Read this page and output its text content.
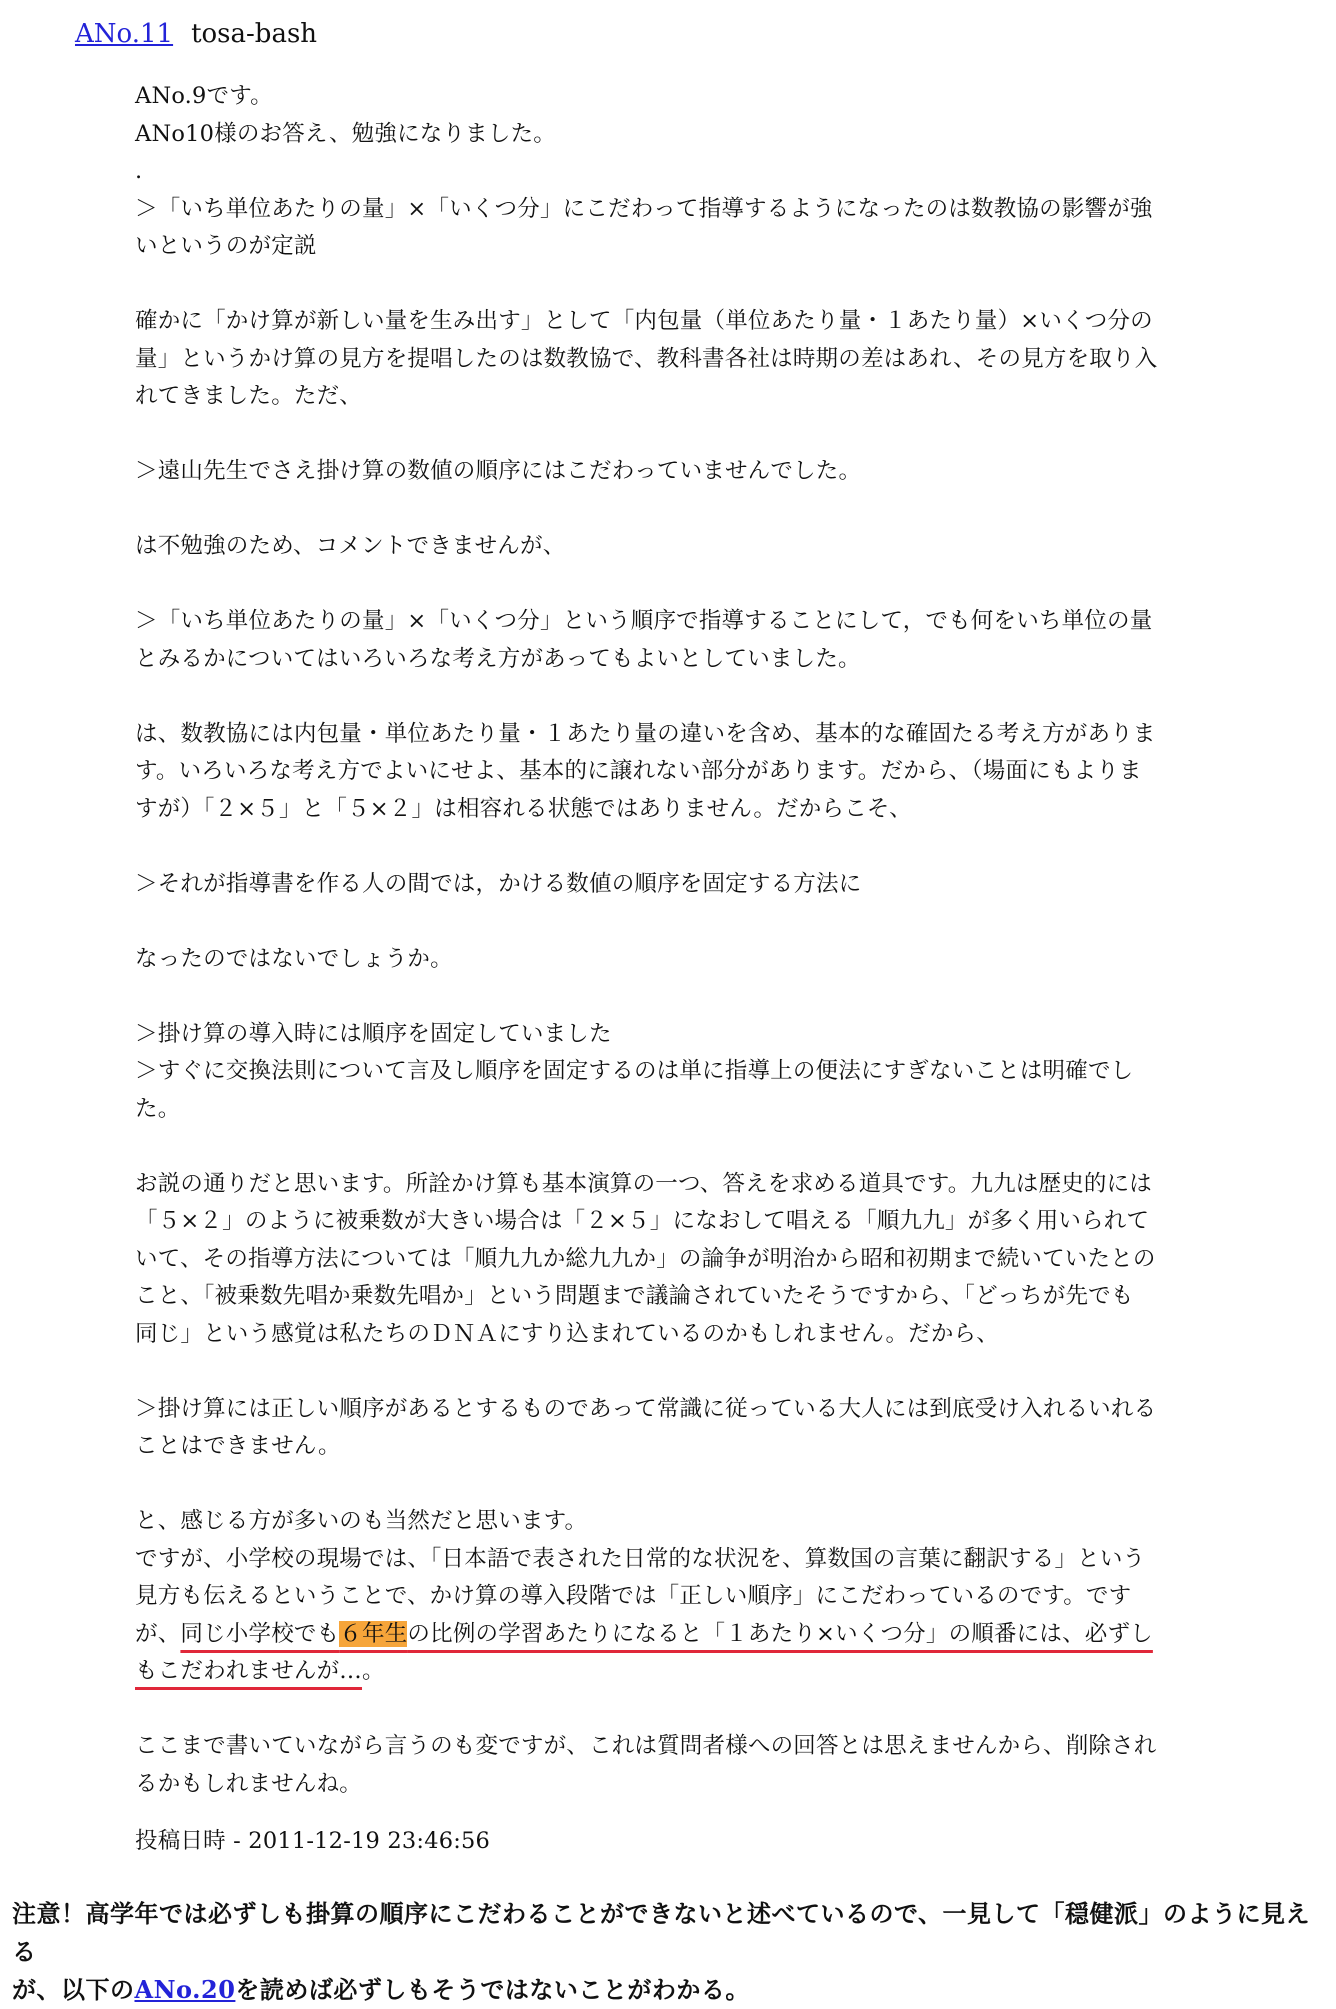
ANo.11 tosa-bash

ANo.9です。

ANo10様のお答え、勉強になりました。

.

＞「いち単位あたりの量」×「いくつ分」にこだわって指導するようになったのは数教協の影響が強

いというのが定説

確かに「かけ算が新しい量を生み出す」として「内包量（単位あたり量・１あたり量）×いくつ分の

量」というかけ算の見方を提唱したのは数教協で、教科書各社は時期の差はあれ、その見方を取り入

れてきました。ただ、

＞遠山先生でさえ掛け算の数値の順序にはこだわっていませんでした。

は不勉強のため、コメントできませんが、

＞「いち単位あたりの量」×「いくつ分」という順序で指導することにして，でも何をいち単位の量

とみるかについてはいろいろな考え方があってもよいとしていました。

は、数教協には内包量・単位あたり量・１あたり量の違いを含め、基本的な確固たる考え方がありま

す。いろいろな考え方でよいにせよ、基本的に譲れない部分があります。だから、（場面にもよりま

すが）「２×５」と「５×２」は相容れる状態ではありません。だからこそ、

＞それが指導書を作る人の間では，かける数値の順序を固定する方法に

なったのではないでしょうか。

＞掛け算の導入時には順序を固定していました

＞すぐに交換法則について言及し順序を固定するのは単に指導上の便法にすぎないことは明確でし

た。

お説の通りだと思います。所詮かけ算も基本演算の一つ、答えを求める道具です。九九は歴史的には

「５×２」のように被乗数が大きい場合は「２×５」になおして唱える「順九九」が多く用いられて

いて、その指導方法については「順九九か総九九か」の論争が明治から昭和初期まで続いていたとの

こと、「被乗数先唱か乗数先唱か」という問題まで議論されていたそうですから、「どっちが先でも

同じ」という感覚は私たちのＤＮＡにすり込まれているのかもしれません。だから、

＞掛け算には正しい順序があるとするものであって常識に従っている大人には到底受け入れるいれる

ことはできません。

と、感じる方が多いのも当然だと思います。

ですが、小学校の現場では、「日本語で表された日常的な状況を、算数国の言葉に翻訳する」という

見方も伝えるということで、かけ算の導入段階では「正しい順序」にこだわっているのです。です

が、同じ小学校でも６年生の比例の学習あたりになると「１あたり×いくつ分」の順番には、必ずし

もこだわれませんが…。

ここまで書いていながら言うのも変ですが、これは質問者様への回答とは思えませんから、削除され

るかもしれませんね。

投稿日時 - 2011-12-19 23:46:56

注意！高学年では必ずしも掛算の順序にこだわることができないと述べているので、一見して「穏健派」のように見える
が、以下のANo.20を読めば必ずしもそうではないことがわかる。
